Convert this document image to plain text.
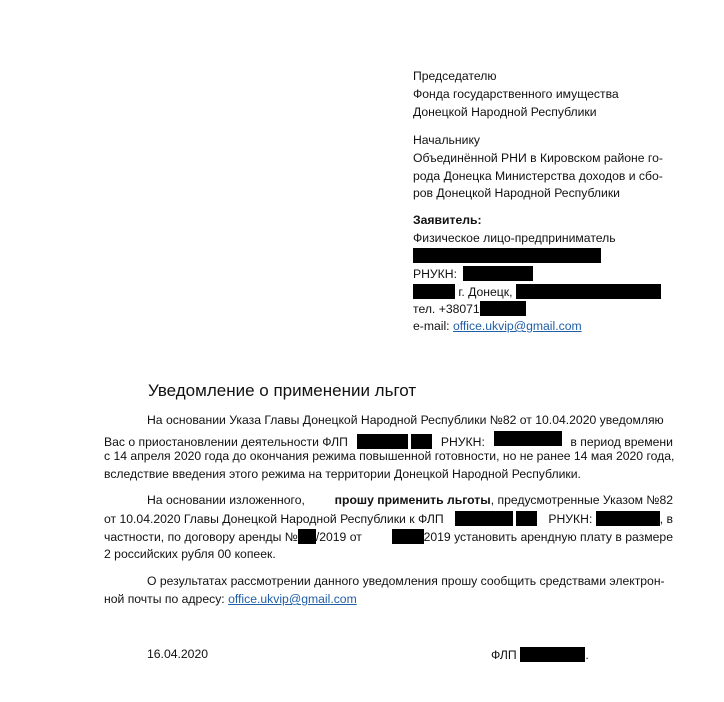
Председателю
Фонда государственного имущества
Донецкой Народной Республики
Начальнику
Объединённой РНИ в Кировском районе го-
рода Донецка Министерства доходов и сбо-
ров Донецкой Народной Республики
Заявитель:
Физическое лицо-предприниматель
РНУКН:
г. Донецк,
тел. +38071
e-mail: office.ukvip@gmail.com
Уведомление о применении льгот
На основании Указа Главы Донецкой Народной Республики №82 от 10.04.2020 уведомляю
Вас о приостановлении деятельности ФЛП
	РНУКН:	в период времени
с 14 апреля 2020 года до окончания режима повышенной готовности, но не ранее 14 мая 2020 года,
вследствие введения этого режима на территории Донецкой Народной Республики.
На основании изложенного, прошу применить льготы, предусмотренные Указом №82
от 10.04.2020 Главы Донецкой Народной Республики к ФЛП
	РНУКН:	, в
частности, по договору аренды № /2019 от	2019 установить арендную плату в размере
2 российских рубля 00 копеек.
О результатах рассмотрении данного уведомления прошу сообщить средствами электрон-
ной почты по адресу: office.ukvip@gmail.com
16.04.2020	ФЛП	.
